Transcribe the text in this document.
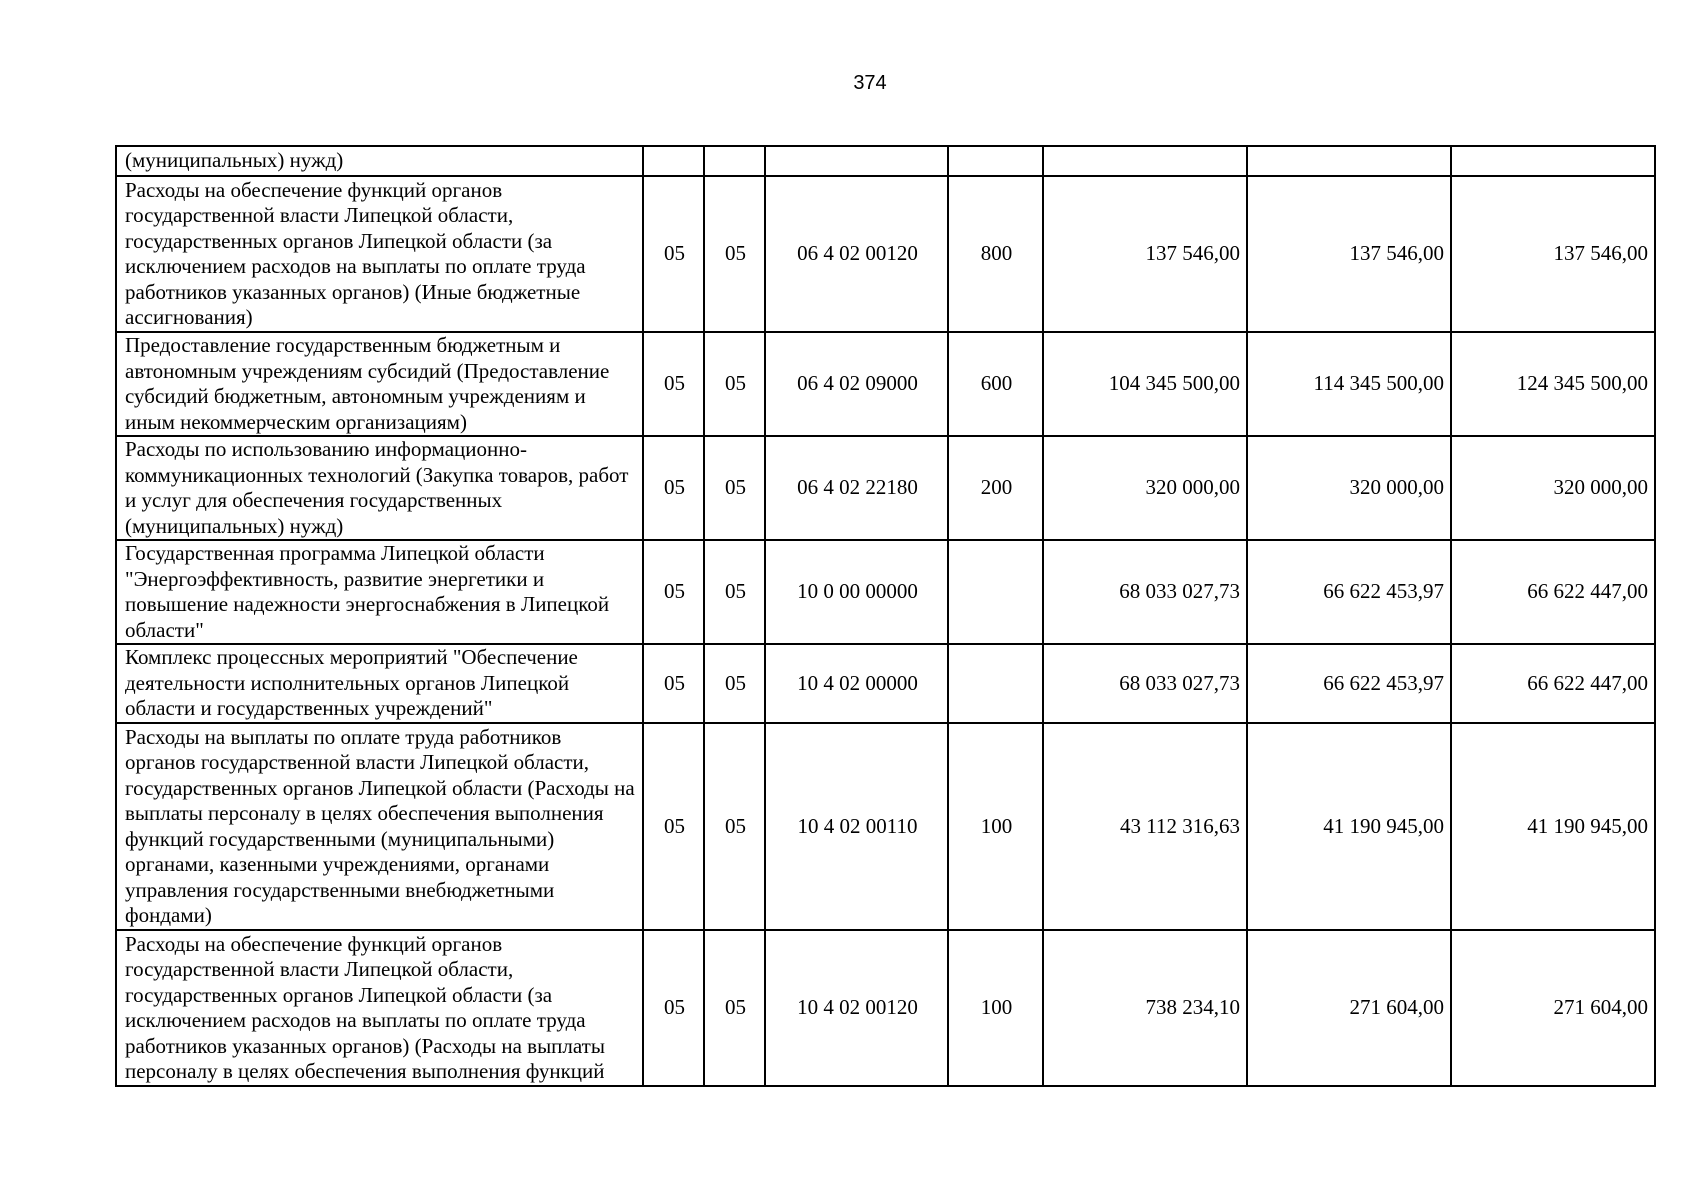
374
(муниципальных) нужд)							
Расходы на обеспечение функций органов государственной власти Липецкой области, государственных органов Липецкой области (за исключением расходов на выплаты по оплате труда работников указанных органов) (Иные бюджетные ассигнования)	05	05	06 4 02 00120	800	137 546,00	137 546,00	137 546,00
Предоставление государственным бюджетным и автономным учреждениям субсидий (Предоставление субсидий бюджетным, автономным учреждениям и иным некоммерческим организациям)	05	05	06 4 02 09000	600	104 345 500,00	114 345 500,00	124 345 500,00
Расходы по использованию информационно-коммуникационных технологий (Закупка товаров, работ и услуг для обеспечения государственных (муниципальных) нужд)	05	05	06 4 02 22180	200	320 000,00	320 000,00	320 000,00
Государственная программа Липецкой области "Энергоэффективность, развитие энергетики и повышение надежности энергоснабжения в Липецкой области"	05	05	10 0 00 00000		68 033 027,73	66 622 453,97	66 622 447,00
Комплекс процессных мероприятий "Обеспечение деятельности исполнительных органов Липецкой области и государственных учреждений"	05	05	10 4 02 00000		68 033 027,73	66 622 453,97	66 622 447,00
Расходы на выплаты по оплате труда работников органов государственной власти Липецкой области, государственных органов Липецкой области (Расходы на выплаты персоналу в целях обеспечения выполнения функций государственными (муниципальными) органами, казенными учреждениями, органами управления государственными внебюджетными фондами)	05	05	10 4 02 00110	100	43 112 316,63	41 190 945,00	41 190 945,00
Расходы на обеспечение функций органов государственной власти Липецкой области, государственных органов Липецкой области (за исключением расходов на выплаты по оплате труда работников указанных органов) (Расходы на выплаты персоналу в целях обеспечения выполнения функций	05	05	10 4 02 00120	100	738 234,10	271 604,00	271 604,00
